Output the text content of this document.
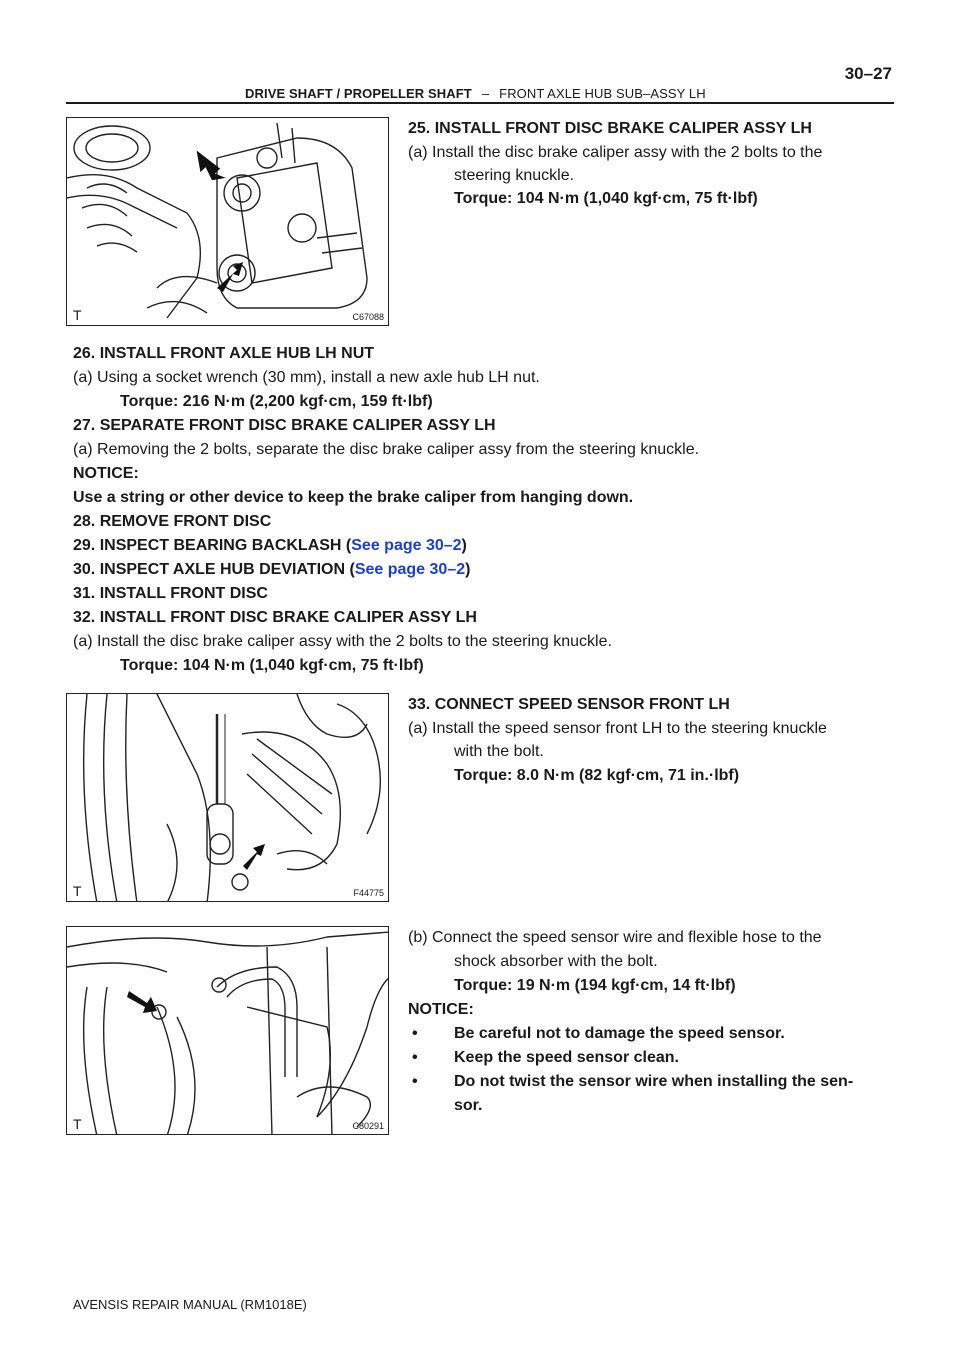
DRIVE SHAFT / PROPELLER SHAFT – FRONT AXLE HUB SUB–ASSY LH
30–27
T	C67088
25. INSTALL FRONT DISC BRAKE CALIPER ASSY LH
(a) Install the disc brake caliper assy with the 2 bolts to the
steering knuckle.
Torque: 104 N·m (1,040 kgf·cm, 75 ft·lbf)
26. INSTALL FRONT AXLE HUB LH NUT
(a) Using a socket wrench (30 mm), install a new axle hub LH nut.
Torque: 216 N·m (2,200 kgf·cm, 159 ft·lbf)
27. SEPARATE FRONT DISC BRAKE CALIPER ASSY LH
(a) Removing the 2 bolts, separate the disc brake caliper assy from the steering knuckle.
NOTICE:
Use a string or other device to keep the brake caliper from hanging down.
28. REMOVE FRONT DISC
29. INSPECT BEARING BACKLASH (See page 30–2)
30. INSPECT AXLE HUB DEVIATION (See page 30–2)
31. INSTALL FRONT DISC
32. INSTALL FRONT DISC BRAKE CALIPER ASSY LH
(a) Install the disc brake caliper assy with the 2 bolts to the steering knuckle.
Torque: 104 N·m (1,040 kgf·cm, 75 ft·lbf)
T	F44775
33. CONNECT SPEED SENSOR FRONT LH
(a) Install the speed sensor front LH to the steering knuckle
with the bolt.
Torque: 8.0 N·m (82 kgf·cm, 71 in.·lbf)
T	C80291
(b) Connect the speed sensor wire and flexible hose to the
shock absorber with the bolt.
Torque: 19 N·m (194 kgf·cm, 14 ft·lbf)
NOTICE:
• Be careful not to damage the speed sensor.
• Keep the speed sensor clean.
• Do not twist the sensor wire when installing the sen-
sor.
AVENSIS REPAIR MANUAL (RM1018E)
